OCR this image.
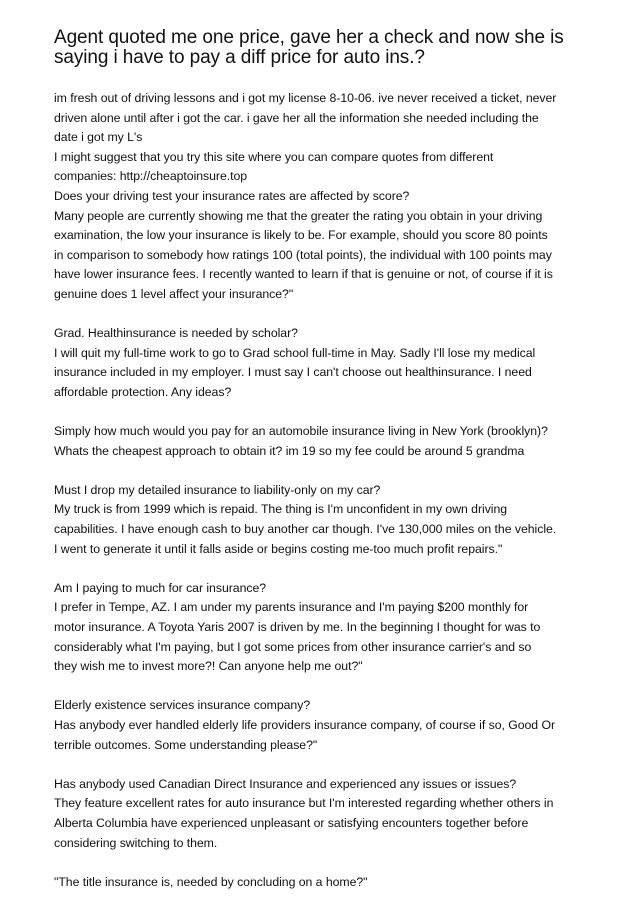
Agent quoted me one price, gave her a check and now she is
saying i have to pay a diff price for auto ins.?
im fresh out of driving lessons and i got my license 8-10-06. ive never received a ticket, never
driven alone until after i got the car. i gave her all the information she needed including the
date i got my L's
I might suggest that you try this site where you can compare quotes from different
companies: http://cheaptoinsure.top
Does your driving test your insurance rates are affected by score?
Many people are currently showing me that the greater the rating you obtain in your driving
examination, the low your insurance is likely to be. For example, should you score 80 points
in comparison to somebody how ratings 100 (total points), the individual with 100 points may
have lower insurance fees. I recently wanted to learn if that is genuine or not, of course if it is
genuine does 1 level affect your insurance?"
Grad. Healthinsurance is needed by scholar?
I will quit my full-time work to go to Grad school full-time in May. Sadly I'll lose my medical
insurance included in my employer. I must say I can't choose out healthinsurance. I need
affordable protection. Any ideas?
Simply how much would you pay for an automobile insurance living in New York (brooklyn)?
Whats the cheapest approach to obtain it? im 19 so my fee could be around 5 grandma
Must I drop my detailed insurance to liability-only on my car?
My truck is from 1999 which is repaid. The thing is I'm unconfident in my own driving
capabilities. I have enough cash to buy another car though. I've 130,000 miles on the vehicle.
I went to generate it until it falls aside or begins costing me-too much profit repairs."
Am I paying to much for car insurance?
I prefer in Tempe, AZ. I am under my parents insurance and I'm paying $200 monthly for
motor insurance. A Toyota Yaris 2007 is driven by me. In the beginning I thought for was to
considerably what I'm paying, but I got some prices from other insurance carrier's and so
they wish me to invest more?! Can anyone help me out?"
Elderly existence services insurance company?
Has anybody ever handled elderly life providers insurance company, of course if so, Good Or
terrible outcomes. Some understanding please?"
Has anybody used Canadian Direct Insurance and experienced any issues or issues?
They feature excellent rates for auto insurance but I'm interested regarding whether others in
Alberta Columbia have experienced unpleasant or satisfying encounters together before
considering switching to them.
"The title insurance is, needed by concluding on a home?"
